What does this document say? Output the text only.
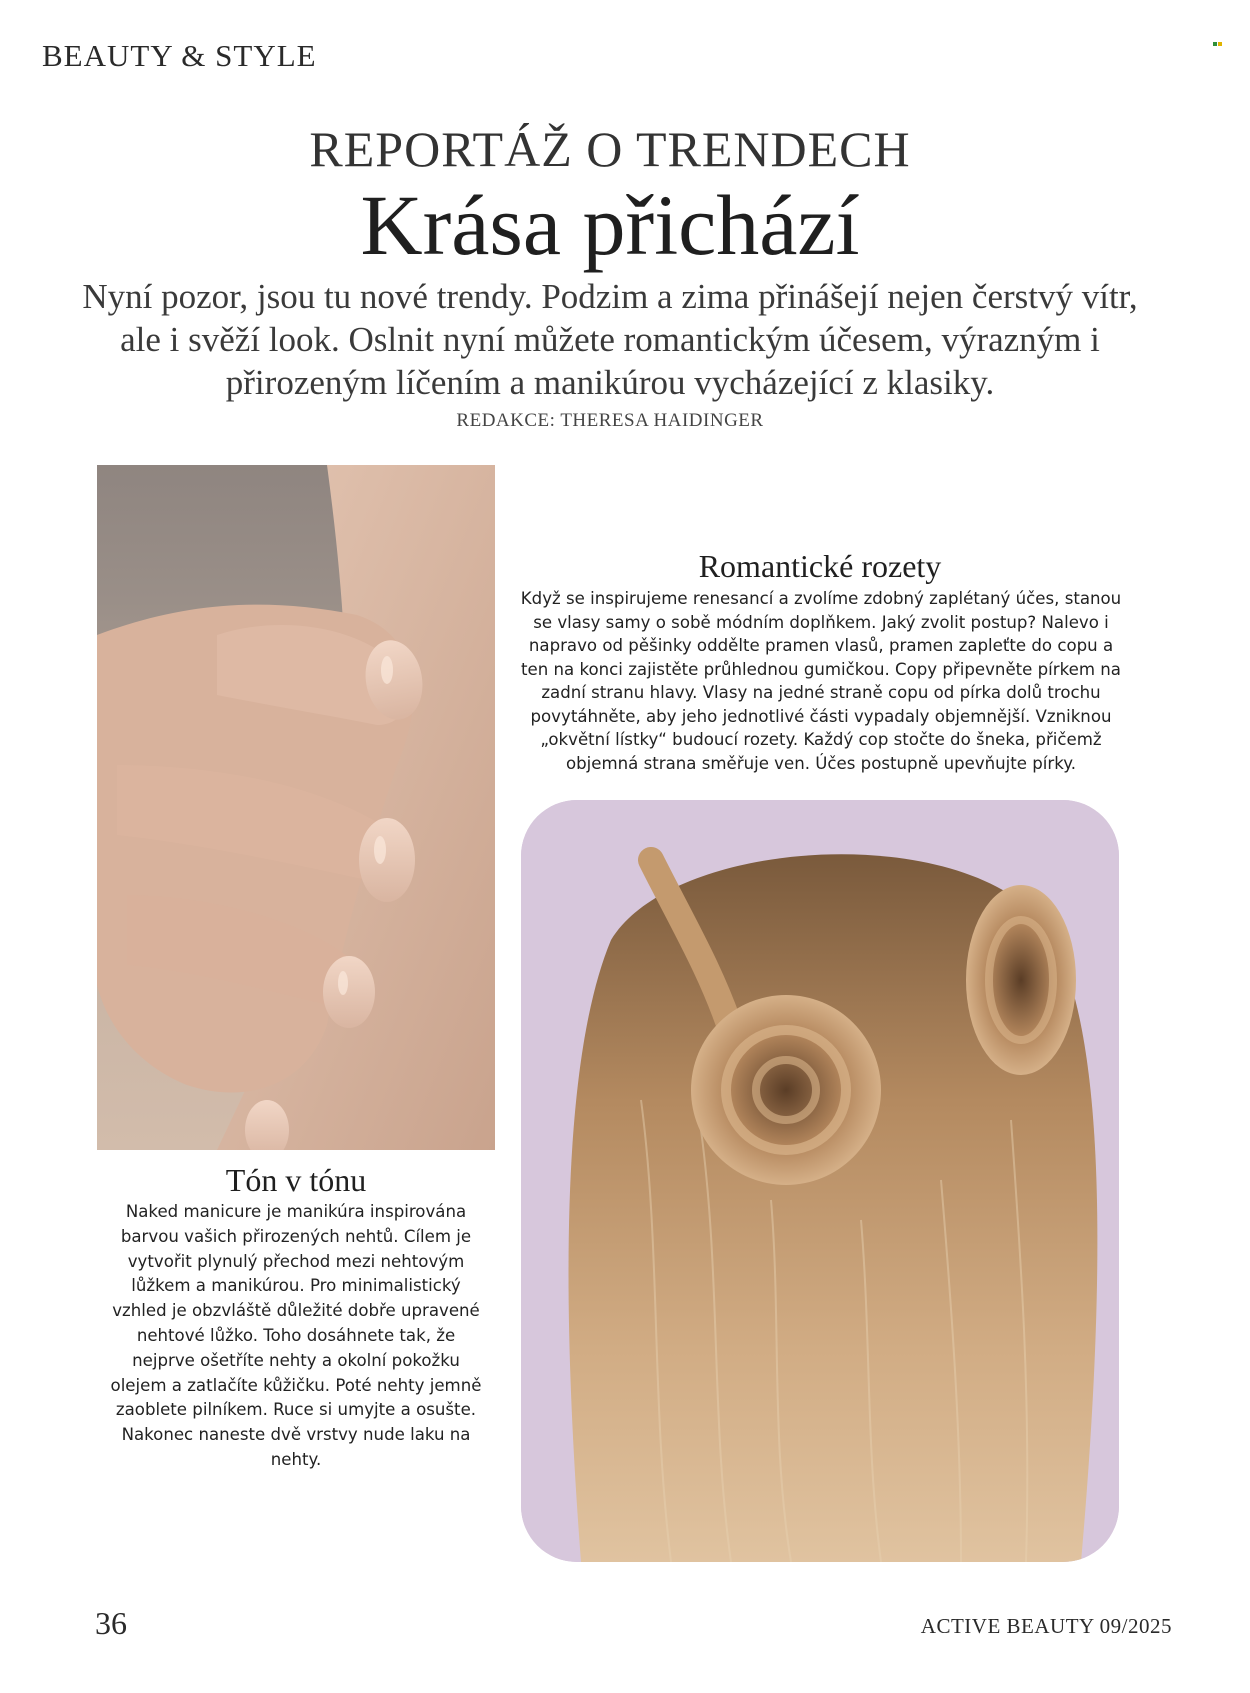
BEAUTY & STYLE
REPORTÁŽ O TRENDECH
Krása přichází
Nyní pozor, jsou tu nové trendy. Podzim a zima přinášejí nejen čerstvý vítr, ale i svěží look. Oslnit nyní můžete romantickým účesem, výrazným i přirozeným líčením a manikúrou vycházející z klasiky.
REDAKCE: THERESA HAIDINGER
Romantické rozety
Když se inspirujeme renesancí a zvolíme zdobný zaplétaný účes, stanou se vlasy samy o sobě módním doplňkem. Jaký zvolit postup? Nalevo i napravo od pěšinky oddělte pramen vlasů, pramen zapleťte do copu a ten na konci zajistěte průhlednou gumičkou. Copy připevněte pírkem na zadní stranu hlavy. Vlasy na jedné straně copu od pírka dolů trochu povytáhněte, aby jeho jednotlivé části vypadaly objemnější. Vzniknou „okvětní lístky“ budoucí rozety. Každý cop stočte do šneka, přičemž objemná strana směřuje ven. Účes postupně upevňujte pírky.
Tón v tónu
Naked manicure je manikúra inspirována barvou vašich přirozených nehtů. Cílem je vytvořit plynulý přechod mezi nehtovým lůžkem a manikúrou. Pro minimalistický vzhled je obzvláště důležité dobře upravené nehtové lůžko. Toho dosáhnete tak, že nejprve ošetříte nehty a okolní pokožku olejem a zatlačíte kůžičku. Poté nehty jemně zaoblete pilníkem. Ruce si umyjte a osušte. Nakonec naneste dvě vrstvy nude laku na nehty.
36	ACTIVE BEAUTY 09/2025
